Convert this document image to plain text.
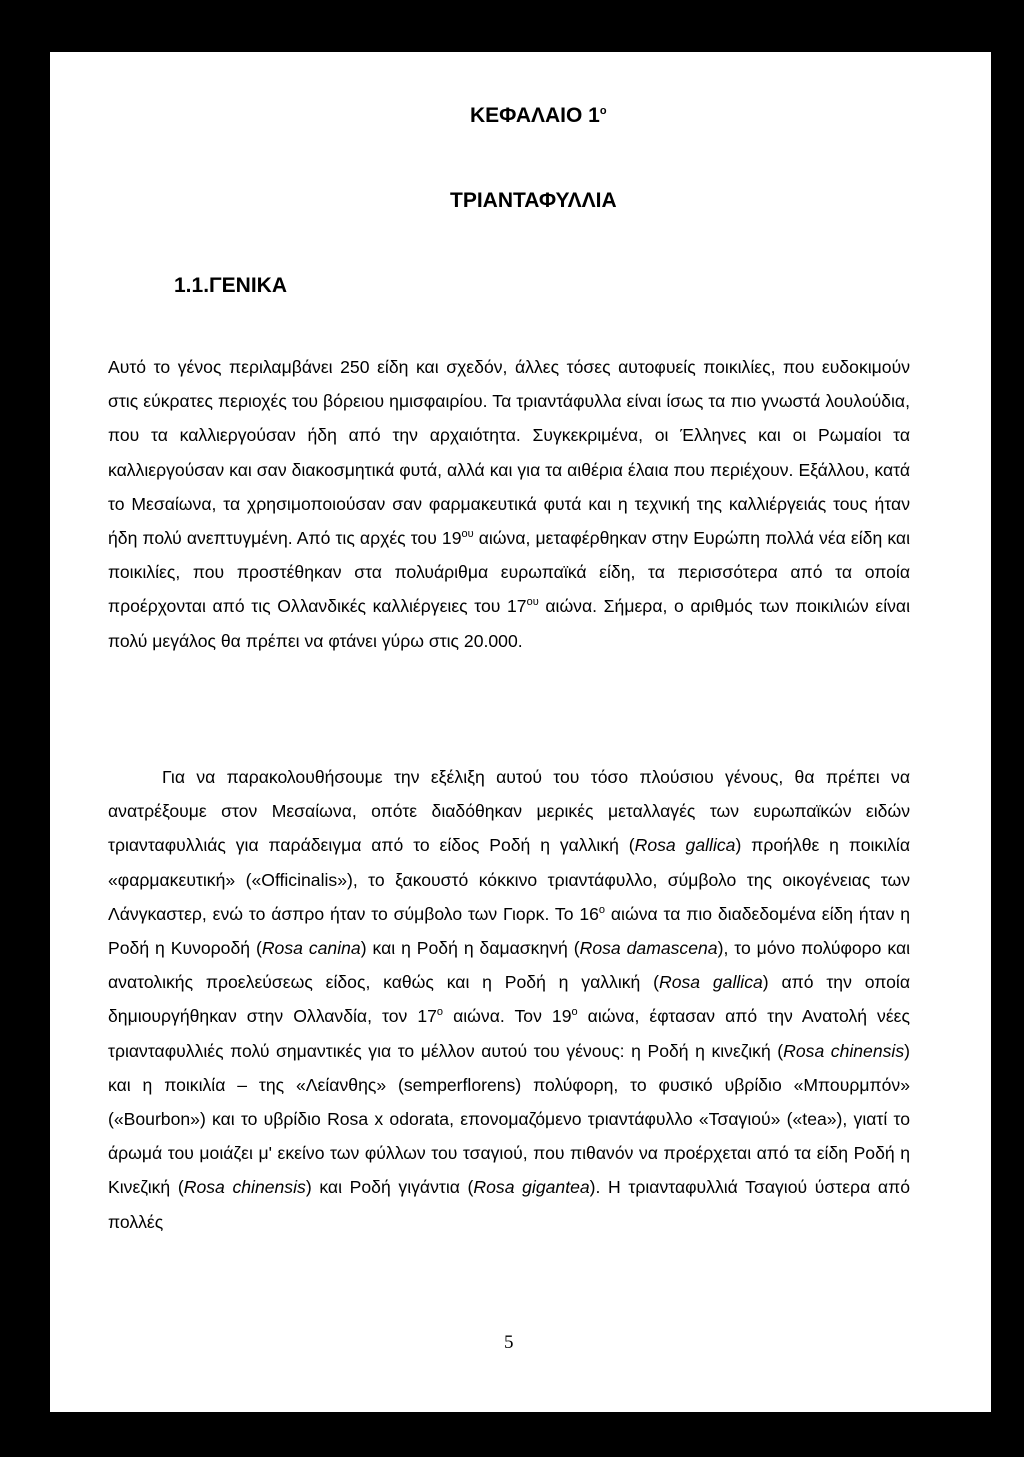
ΚΕΦΑΛΑΙΟ $1^o$
ΤΡΙΑΝΤΑΦΥΛΛΙΑ
1.1.ΓΕΝΙΚΑ

Αυτό το γένος περιλαμβάνει 250 είδη και σχεδόν, άλλες τόσες αυτοφυείς ποικιλίες, που ευδοκιμούν στις εύκρατες περιοχές του βόρειου ημισφαιρίου. Τα τριαντάφυλλα είναι ίσως τα πιο γνωστά λουλούδια, που τα καλλιεργούσαν ήδη από την αρχαιότητα. Συγκεκριμένα, οι Έλληνες και οι Ρωμαίοι τα καλλιεργούσαν και σαν διακοσμητικά φυτά, αλλά και για τα αιθέρια έλαια που περιέχουν. Εξάλλου, κατά το Μεσαίωνα, τα χρησιμοποιούσαν σαν φαρμακευτικά φυτά και η τεχνική της καλλιέργειάς τους ήταν ήδη πολύ ανεπτυγμένη. Από τις αρχές του $19^{o\upsilon}$ αιώνα, μεταφέρθηκαν στην Ευρώπη πολλά νέα είδη και ποικιλίες, που προστέθηκαν στα πολυάριθμα ευρωπαϊκά είδη, τα περισσότερα από τα οποία προέρχονται από τις Ολλανδικές καλλιέργειες του $17^{o\upsilon}$ αιώνα. Σήμερα, ο αριθμός των ποικιλιών είναι πολύ μεγάλος θα πρέπει να φτάνει γύρω στις 20.000.

Για να παρακολουθήσουμε την εξέλιξη αυτού του τόσο πλούσιου γένους, θα πρέπει να ανατρέξουμε στον Μεσαίωνα, οπότε διαδόθηκαν μερικές μεταλλαγές των ευρωπαϊκών ειδών τριανταφυλλιάς για παράδειγμα από το είδος Ροδή η γαλλική (Rosa gallica) προήλθε η ποικιλία «φαρμακευτική» («Officinalis»), το ξακουστό κόκκινο τριαντάφυλλο, σύμβολο της οικογένειας των Λάνγκαστερ, ενώ το άσπρο ήταν το σύμβολο των Γιορκ. Το $16^o$ αιώνα τα πιο διαδεδομένα είδη ήταν η Ροδή η Κυνοροδή (Rosa canina) και η Ροδή η δαμασκηνή (Rosa damascena), το μόνο πολύφορο και ανατολικής προελεύσεως είδος, καθώς και η Ροδή η γαλλική (Rosa gallica) από την οποία δημιουργήθηκαν στην Ολλανδία, τον $17^o$ αιώνα. Τον $19^o$ αιώνα, έφτασαν από την Ανατολή νέες τριανταφυλλιές πολύ σημαντικές για το μέλλον αυτού του γένους: η Ροδή η κινεζική (Rosa chinensis) και η ποικιλία – της «Λείανθης» (semperflorens) πολύφορη, το φυσικό υβρίδιο «Μπουρμπόν» («Bourbon») και το υβρίδιο Rosa x odorata, επονομαζόμενο τριαντάφυλλο «Τσαγιού» («tea»), γιατί το άρωμά του μοιάζει μ' εκείνο των φύλλων του τσαγιού, που πιθανόν να προέρχεται από τα είδη Ροδή η Κινεζική (Rosa chinensis) και Ροδή γιγάντια (Rosa gigantea). Η τριανταφυλλιά Τσαγιού ύστερα από πολλές

5
